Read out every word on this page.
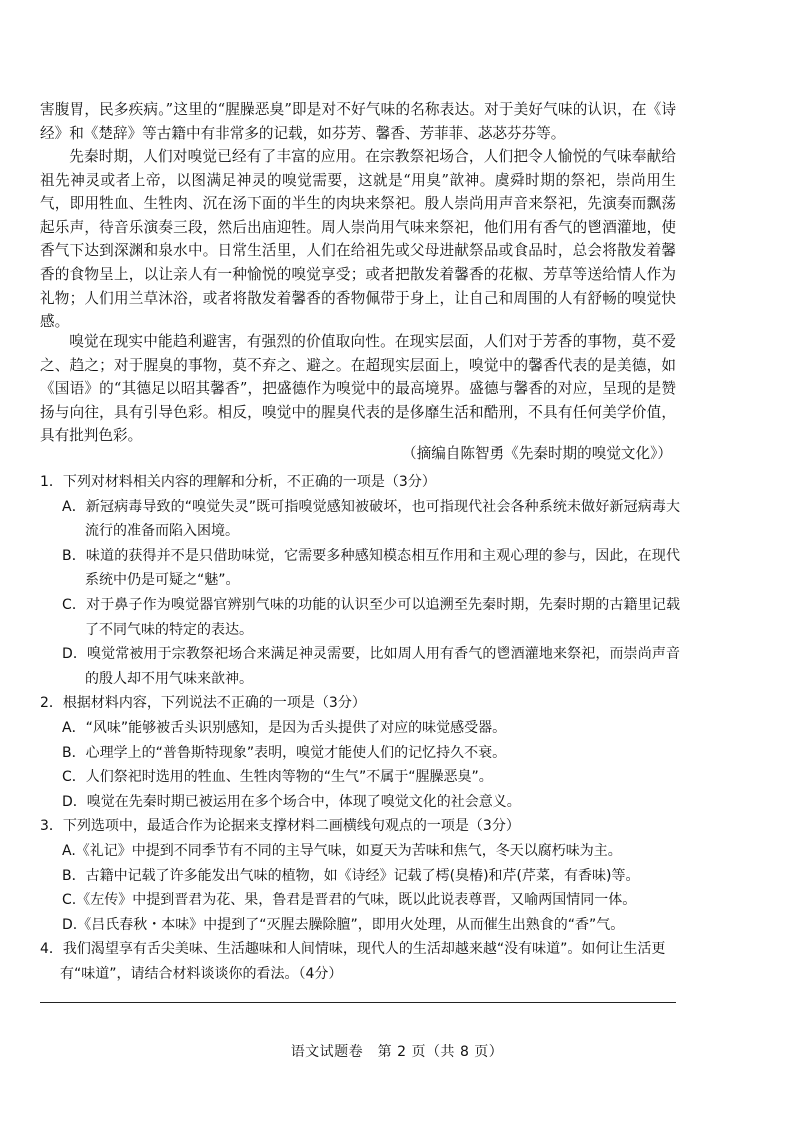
害腹胃，民多疾病。”这里的“腥臊恶臭”即是对不好气味的名称表达。对于美好气味的认识，在《诗经》和《楚辞》等古籍中有非常多的记载，如芬芳、馨香、芳菲菲、苾苾芬芬等。

先秦时期，人们对嗅觉已经有了丰富的应用。在宗教祭祀场合，人们把令人愉悦的气味奉献给祖先神灵或者上帝，以图满足神灵的嗅觉需要，这就是“用臭”歆神。虞舜时期的祭祀，崇尚用生气，即用牲血、生牲肉、沉在汤下面的半生的肉块来祭祀。殷人崇尚用声音来祭祀，先演奏而飘荡起乐声，待音乐演奏三段，然后出庙迎牲。周人崇尚用气味来祭祀，他们用有香气的鬯酒灌地，使香气下达到深渊和泉水中。日常生活里，人们在给祖先或父母进献祭品或食品时，总会将散发着馨香的食物呈上，以让亲人有一种愉悦的嗅觉享受；或者把散发着馨香的花椒、芳草等送给情人作为礼物；人们用兰草沐浴，或者将散发着馨香的香物佩带于身上，让自己和周围的人有舒畅的嗅觉快感。

嗅觉在现实中能趋利避害，有强烈的价值取向性。在现实层面，人们对于芳香的事物，莫不爱之、趋之；对于腥臭的事物，莫不弃之、避之。在超现实层面上，嗅觉中的馨香代表的是美德，如《国语》的“其德足以昭其馨香”，把盛德作为嗅觉中的最高境界。盛德与馨香的对应，呈现的是赞扬与向往，具有引导色彩。相反，嗅觉中的腥臭代表的是侈靡生活和酷刑，不具有任何美学价值，具有批判色彩。

（摘编自陈智勇《先秦时期的嗅觉文化》）

1．下列对材料相关内容的理解和分析，不正确的一项是（3分）

A．新冠病毒导致的“嗅觉失灵”既可指嗅觉感知被破坏，也可指现代社会各种系统未做好新冠病毒大流行的准备而陷入困境。

B．味道的获得并不是只借助味觉，它需要多种感知模态相互作用和主观心理的参与，因此，在现代系统中仍是可疑之“魅”。

C．对于鼻子作为嗅觉器官辨别气味的功能的认识至少可以追溯至先秦时期，先秦时期的古籍里记载了不同气味的特定的表达。

D．嗅觉常被用于宗教祭祀场合来满足神灵需要，比如周人用有香气的鬯酒灌地来祭祀，而崇尚声音的殷人却不用气味来歆神。

2．根据材料内容，下列说法不正确的一项是（3分）

A．“风味”能够被舌头识别感知，是因为舌头提供了对应的味觉感受器。

B．心理学上的“普鲁斯特现象”表明，嗅觉才能使人们的记忆持久不衰。

C．人们祭祀时选用的牲血、生牲肉等物的“生气”不属于“腥臊恶臭”。

D．嗅觉在先秦时期已被运用在多个场合中，体现了嗅觉文化的社会意义。

3．下列选项中，最适合作为论据来支撑材料二画横线句观点的一项是（3分）

A.《礼记》中提到不同季节有不同的主导气味，如夏天为苦味和焦气，冬天以腐朽味为主。

B．古籍中记载了许多能发出气味的植物，如《诗经》记载了樗(臭椿)和芹(芹菜，有香味)等。

C.《左传》中提到晋君为花、果，鲁君是晋君的气味，既以此说表尊晋，又喻两国情同一体。

D.《吕氏春秋・本味》中提到了“灭腥去臊除膻”，即用火处理，从而催生出熟食的“香”气。

4．我们渴望享有舌尖美味、生活趣味和人间情味，现代人的生活却越来越“没有味道”。如何让生活更有“味道”，请结合材料谈谈你的看法。（4分）

语文试题卷　第 2 页（共 8 页）
